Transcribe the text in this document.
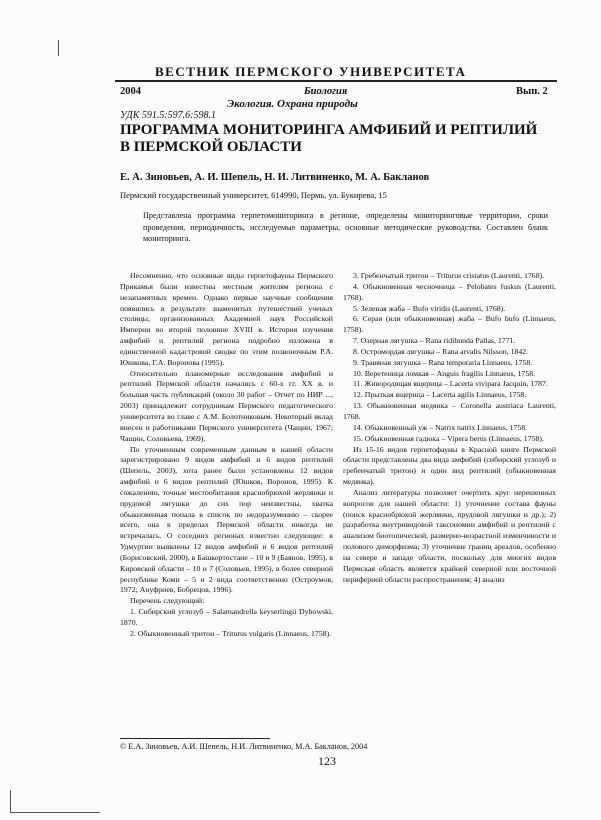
ВЕСТНИК ПЕРМСКОГО УНИВЕРСИТЕТА
2004	Биология	Вып. 2
Экология. Охрана природы
УДК 591.5:597.6:598.1
ПРОГРАММА МОНИТОРИНГА АМФИБИЙ И РЕПТИЛИЙ В ПЕРМСКОЙ ОБЛАСТИ
Е. А. Зиновьев, А. И. Шепель, Н. И. Литвиненко, М. А. Бакланов
Пермский государственный университет, 614990, Пермь, ул. Букирева, 15
Представлена программа герпетомониторинга в регионе, определены мониторинговые территории, сроки проведения, периодичность, исследуемые параметры, основные методические руководства. Составлен бланк мониторинга.

Несомненно, что основные виды герпетофауны Пермского Прикамья были известны местным жителям региона с незапамятных времен. Однако первые научные сообщения появились в результате знаменитых путешествий ученых столицы, организованных Академией наук Российской Империи во второй половине XVIII в. История изучения амфибий и рептилий региона подробно изложена в единственной кадастровой сводке по этим позвоночным Р.А. Юшкова, Г.А. Вороновa (1995).

Относительно планомерные исследования амфибий и рептилий Пермской области начались с 60-х гг. XX в. и большая часть публикаций (около 30 работ – Отчет по НИР ..., 2003) принадлежит сотрудникам Пермского педагогического университета во главе с А.М. Болотниковым. Некоторый вклад внесен и работниками Пермского университета (Чащин, 1967; Чащин, Соловьева, 1969).

По уточненным современным данным в нашей области зарегистрировано 9 видов амфибий и 6 видов рептилий (Шепель, 2003), хота ранее были установлены 12 видов амфибий и 6 видов рептилий (Юшков, Воронов, 1995). К сожалению, точные местообитания краснобрюхой жерлянки и прудовой лягушки до сих пор неизвестны, хваткa обыкновенная попала в список по недоразумению – скорее всего, она в пределах Пермской области никогда не встречалась. О соседних регионах известно следующее: в Удмуртии выявлены 12 видов амфибий и 6 видов рептилий (Борисовский, 2000), в Башкортостане – 10 и 9 (Баянов, 1995), в Кировской области – 10 и 7 (Соловьев, 1995), в более северной республике Коми – 5 и 2 вида соответственно (Остроумов, 1972; Ануфриев, Бобрецов, 1996).

Перечень следующий:

1. Сибирский углозуб – Salamandrella keyserlingii Dybowski, 1870.

2. Обыкновенный тритон – Triturus vulgaris (Linnaeus, 1758).

3. Гребенчатый тритон – Triturus cristatus (Laurenti, 1768).

4. Обыкновенная чесночница – Pelobates fuskus (Laurenti, 1768).

5. Зеленая жаба – Bufo viridis (Laurenti, 1768).

6. Серая (или обыкновенная) жаба – Bufo bufo (Linnaeus, 1758).

7. Озерная лягушка – Rana ridibunda Pallas, 1771.

8. Остромордая лягушка – Rana arvalis Nilsson, 1842.

9. Травяная лягушка – Rana temporaria Linnaeus, 1758.

10. Веретеница ломкая – Anguis fragilis Linnaeus, 1758.

11. Живородящая ящерица – Lacerta vivipara Jacquin, 1787.

12. Прыткая ящерица – Lacerta agilis Linnaeus, 1758.

13. Обыкновенная медянка – Coronella austriaca Laurenti, 1768.

14. Обыкновенный уж – Natrix natrix Linnaeus, 1758.

15. Обыкновенная гадюка – Vipera berus (Linnaeus, 1758).

Из 15-16 видов герпетофауны в Красной книге Пермской области представлены два вида амфибий (сибирский углозуб и гребенчатый тритон) и один вид рептилий (обыкновенная медянка).

Анализ литературы позволяет очертить круг нерешенных вопросов для нашей области: 1) уточнение состава фауны (поиск краснобрюхой жерлянки, прудовой лягушки и др.); 2) разработка внутривидовой таксономии амфибий и рептилий с анализом биотопической, размерно-возрастной изменчивости и полового диморфизма; 3) уточнение границ ареалов, особенно на севере и западе области, поскольку для многих видов Пермская область является крайней северной или восточной периферией области распространения; 4) анализ

© Е.А. Зиновьев, А.И. Шепель, Н.И. Литвиненко, М.А. Бакланов, 2004
123
